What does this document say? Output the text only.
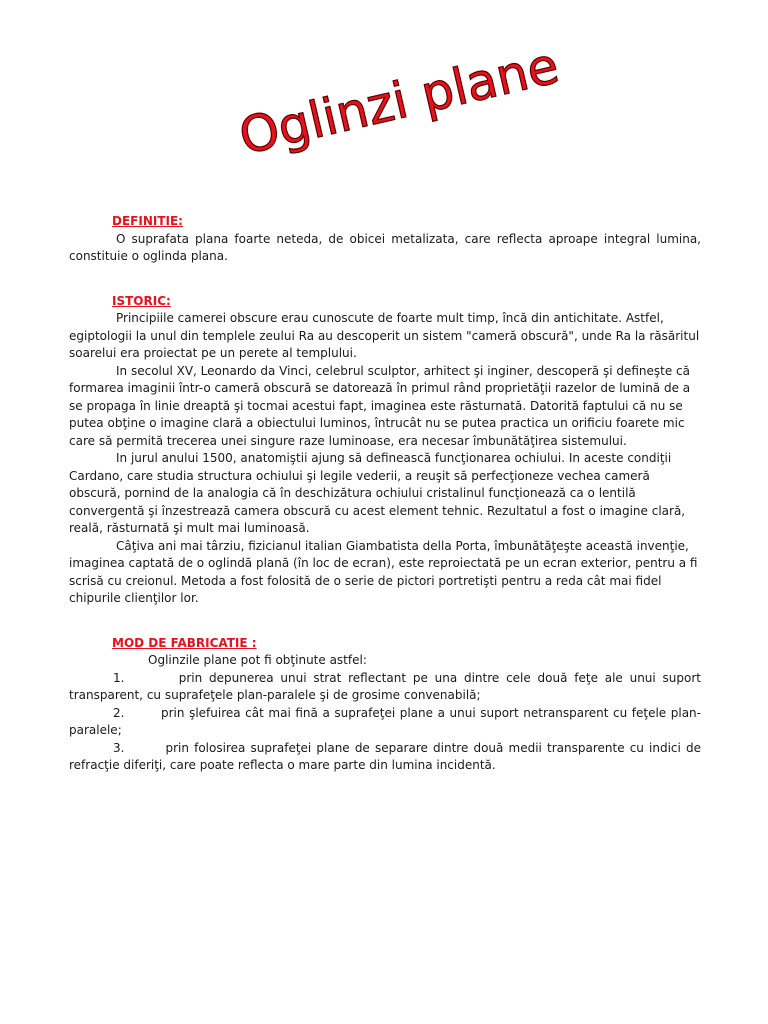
Oglinzi plane
DEFINITIE:

O suprafata plana foarte neteda, de obicei metalizata, care reflecta aproape integral lumina, constituie o oglinda plana.

ISTORIC:

Principiile camerei obscure erau cunoscute de foarte mult timp, încă din antichitate. Astfel, egiptologii la unul din templele zeului Ra au descoperit un sistem "cameră obscură", unde Ra la răsăritul soarelui era proiectat pe un perete al templului.

In secolul XV, Leonardo da Vinci, celebrul sculptor, arhitect şi inginer, descoperă şi defineşte că formarea imaginii într-o cameră obscură se datorează în primul rând proprietăţii razelor de lumină de a se propaga în linie dreaptă şi tocmai acestui fapt, imaginea este răsturnată. Datorită faptului că nu se putea obţine o imagine clară a obiectului luminos, întrucât nu se putea practica un orificiu foarete mic care să permită trecerea unei singure raze luminoase, era necesar îmbunătăţirea sistemului.

In jurul anului 1500, anatomiştii ajung să definească funcţionarea ochiului. In aceste condiţii Cardano, care studia structura ochiului şi legile vederii, a reuşit să perfecţioneze vechea cameră obscură, pornind de la analogia că în deschizătura ochiului cristalinul funcţionează ca o lentilă convergentă şi înzestrează camera obscură cu acest element tehnic. Rezultatul a fost o imagine clară, reală, răsturnată şi mult mai luminoasă.

Câţiva ani mai târziu, fizicianul italian Giambatista della Porta, îmbunătăţeşte această invenţie, imaginea captată de o oglindă plană (în loc de ecran), este reproiectată pe un ecran exterior, pentru a fi scrisă cu creionul. Metoda a fost folosită de o serie de pictori portretişti pentru a reda cât mai fidel chipurile clienţilor lor.

MOD DE FABRICATIE :

Oglinzile plane pot fi obţinute astfel:

1.        prin depunerea unui strat reflectant pe una dintre cele două feţe ale unui suport transparent, cu suprafeţele plan-paralele şi de grosime convenabilă;

2.        prin şlefuirea cât mai fină a suprafeţei plane a unui suport netransparent cu feţele plan-paralele;

3.        prin folosirea suprafeţei plane de separare dintre două medii transparente cu indici de refracţie diferiţi, care poate reflecta o mare parte din lumina incidentă.
